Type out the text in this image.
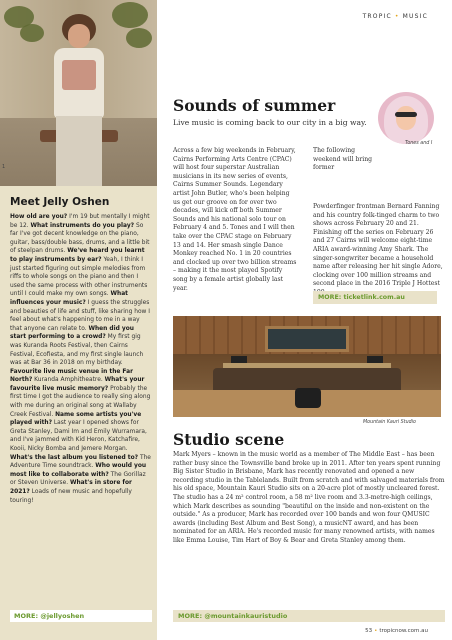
TROPIC • MUSIC
1
Meet Jelly Oshen
How old are you? I'm 19 but mentally I might be 12. What instruments do you play? So far I've got decent knowledge on the piano, guitar, bass/double bass, drums, and a little bit of steelpan drums. We've heard you learnt to play instruments by ear? Yeah, I think I just started figuring out simple melodies from riffs to whole songs on the piano and then I used the same process with other instruments until I could make my own songs. What influences your music? I guess the struggles and beauties of life and stuff, like sharing how I feel about what's happening to me in a way that anyone can relate to. When did you start performing to a crowd? My first gig was Kuranda Roots Festival, then Cairns Festival, Ecofiesta, and my first single launch was at Bar 36 in 2018 on my birthday. Favourite live music venue in the Far North? Kuranda Amphitheatre. What's your favourite live music memory? Probably the first time I got the audience to really sing along with me during an original song at Wallaby Creek Festival. Name some artists you've played with? Last year I opened shows for Greta Stanley, Dami Im and Emily Wurramara, and I've jammed with Kid Heron, Katchafire, Kooii, Nicky Bomba and Jemere Morgan. What's the last album you listened to? The Adventure Time soundtrack. Who would you most like to collaborate with? The Gorillaz or Steven Universe. What's in store for 2021? Loads of new music and hopefully touring!
MORE: @jellyoshen
Sounds of summer
Live music is coming back to our city in a big way.
Across a few big weekends in February, Cairns Performing Arts Centre (CPAC) will host four superstar Australian musicians in its new series of events, Cairns Summer Sounds. Legendary artist John Butler, who's been helping us get our groove on for over two decades, will kick off both Summer Sounds and his national solo tour on February 4 and 5. Tones and I will then take over the CPAC stage on February 13 and 14. Her smash single Dance Monkey reached No. 1 in 20 countries and clocked up over two billion streams – making it the most played Spotify song by a female artist globally last year.
The following weekend will bring former
Powderfinger frontman Bernard Fanning and his country folk-tinged charm to two shows across February 20 and 21. Finishing off the series on February 26 and 27 Cairns will welcome eight-time ARIA award-winning Amy Shark. The singer-songwriter became a household name after releasing her hit single Adore, clocking over 100 million streams and second place in the 2016 Triple J Hottest
Tones and I
MORE: ticketlink.com.au
Mountain Kauri Studio
Studio scene
Mark Myers – known in the music world as a member of The Middle East – has been rather busy since the Townsville band broke up in 2011. After ten years spent running Big Sister Studio in Brisbane, Mark has recently renovated and opened a new recording studio in the Tablelands. Built from scratch and with salvaged materials from his old space, Mountain Kauri Studio sits on a 20-acre plot of mostly uncleared forest. The studio has a 24 m² control room, a 58 m² live room and 3.3-metre-high ceilings, which Mark describes as sounding "beautiful on the inside and non-existent on the outside." As a producer, Mark has recorded over 100 bands and won four QMUSIC awards (including Best Album and Best Song), a musicNT award, and has been nominated for an ARIA. He's recorded music for many renowned artists, with names like Emma Louise, Tim Hart of Boy & Bear and Greta Stanley among them.
MORE: @mountainkauristudio
53 • tropicnow.com.au
